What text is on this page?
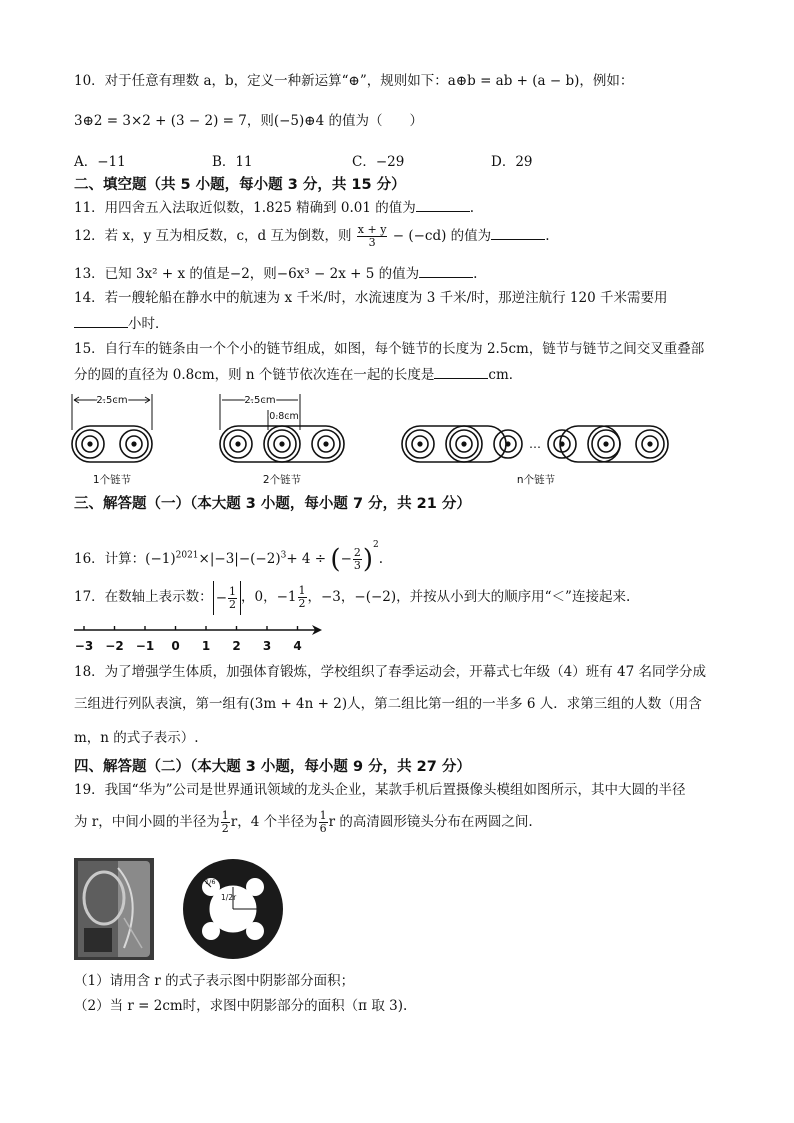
10．对于任意有理数 a，b，定义一种新运算“⊕”，规则如下：a⊕b = ab + (a − b)，例如：
3⊕2 = 3×2 + (3 − 2) = 7，则(−5)⊕4 的值为（　　）
A．−11	B．11	C．−29	D．29
二、填空题（共 5 小题，每小题 3 分，共 15 分）
11．用四舍五入法取近似数，1.825 精确到 0.01 的值为	.
12．若 x，y 互为相反数，c，d 互为倒数，则 $\frac{x + y}{3} - (-cd)$ 的值为	.
13．已知 3x² + x 的值是−2，则−6x³ − 2x + 5 的值为	.
14．若一艘轮船在静水中的航速为 x 千米/时，水流速度为 3 千米/时，那逆注航行 120 千米需要用
小时．
15．自行车的链条由一个个小的链节组成，如图，每个链节的长度为 2.5cm，链节与链节之间交叉重叠部
分的圆的直径为 0.8cm，则 n 个链节依次连在一起的长度是	cm．
2.5cm
1个链节
2.5cm
0.8cm
2个链节
…
n个链节
三、解答题（一）（本大题 3 小题，每小题 7 分，共 21 分）
16．计算：$(-1)^{2021}\times|-3|-(-2)^3+ 4$ ÷ (− $\frac{2}{3} )^2$.
17．在数轴上表示数： − $\frac{1}{2}$ ，0，$-1 \frac{1}{2}$ ，−3，−(−2)，并按从小到大的顺序用“＜”连接起来.
−3 −2 −1 0 1 2 3 4
18．为了增强学生体质，加强体育锻炼，学校组织了春季运动会，开幕式七年级（4）班有 47 名同学分成
三组进行列队表演，第一组有(3m + 4n + 2)人，第二组比第一组的一半多 6 人．求第三组的人数（用含
m，n 的式子表示）.
四、解答题（二）（本大题 3 小题，每小题 9 分，共 27 分）
19．我国“华为”公司是世界通讯领域的龙头企业，某款手机后置摄像头模组如图所示，其中大圆的半径
为 r，中间小圆的半径为 $\frac{1}{2}$ r，4 个半径为 $\frac{1}{6}$ r 的高清圆形镜头分布在两圆之间.
1/2r
1/6
（1）请用含 r 的式子表示图中阴影部分面积；
（2）当 r = 2cm时，求图中阴影部分的面积（π 取 3).
